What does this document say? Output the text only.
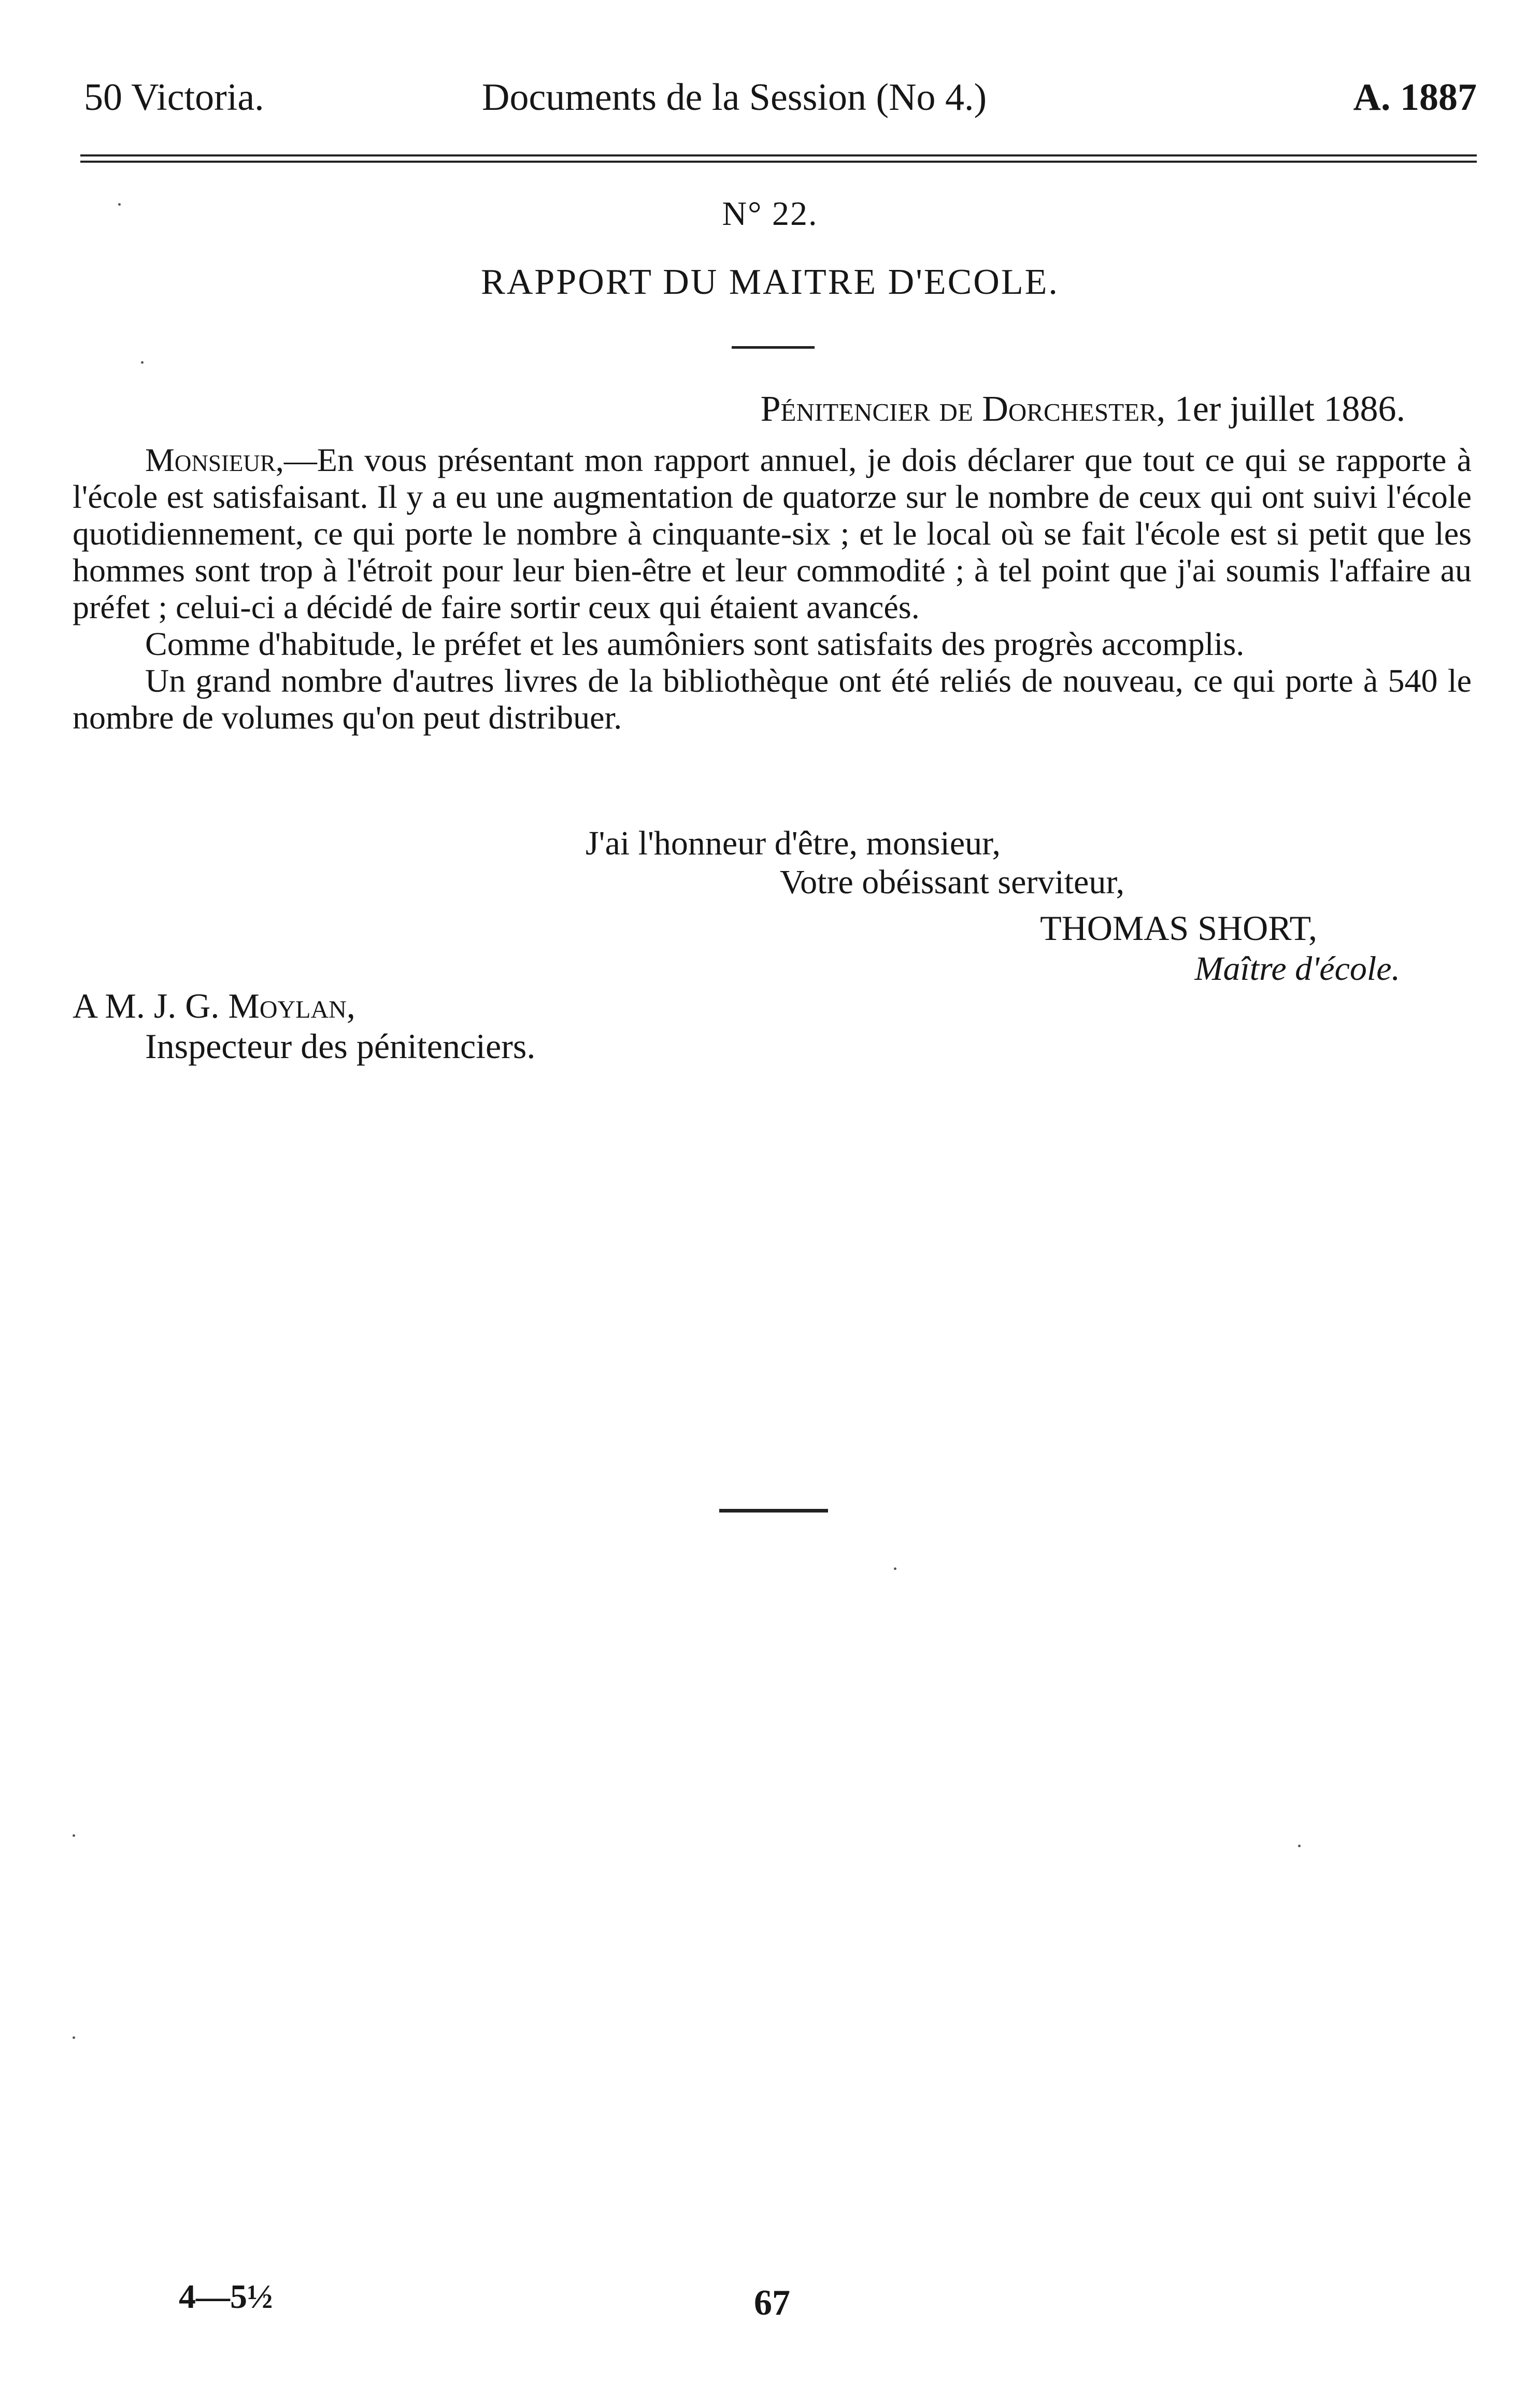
50 Victoria.	Documents de la Session (No 4.)	A. 1887
N° 22.
RAPPORT DU MAITRE D'ECOLE.
Pénitencier de Dorchester, 1er juillet 1886.

Monsieur,—En vous présentant mon rapport annuel, je dois déclarer que tout ce qui se rapporte à l'école est satisfaisant. Il y a eu une augmentation de quatorze sur le nombre de ceux qui ont suivi l'école quotidiennement, ce qui porte le nombre à cinquante-six ; et le local où se fait l'école est si petit que les hommes sont trop à l'étroit pour leur bien-être et leur commodité ; à tel point que j'ai soumis l'affaire au préfet ; celui-ci a décidé de faire sortir ceux qui étaient avancés.

Comme d'habitude, le préfet et les aumôniers sont satisfaits des progrès accomplis.

Un grand nombre d'autres livres de la bibliothèque ont été reliés de nouveau, ce qui porte à 540 le nombre de volumes qu'on peut distribuer.

J'ai l'honneur d'être, monsieur,
Votre obéissant serviteur,
THOMAS SHORT,
Maître d'école.
A M. J. G. Moylan,
Inspecteur des pénitenciers.
4—5½	67
